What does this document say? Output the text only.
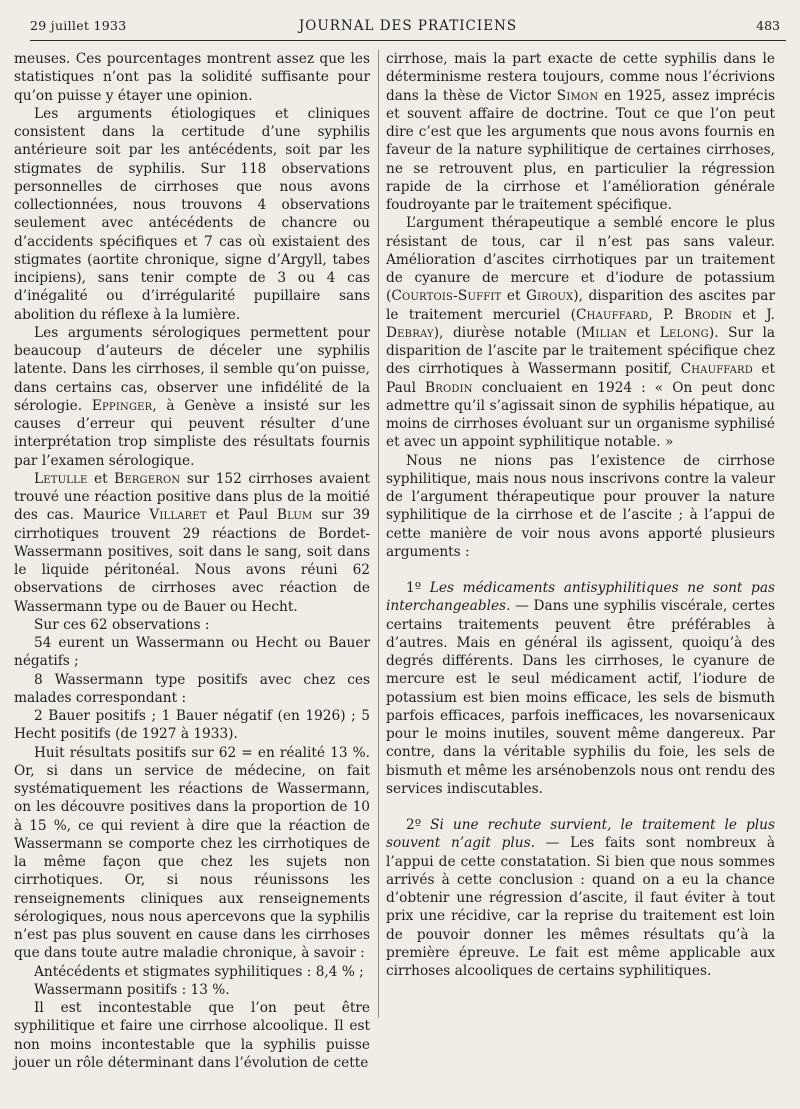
29 juillet 1933	JOURNAL DES PRATICIENS	483

meuses. Ces pourcentages montrent assez que les statistiques n’ont pas la solidité suffisante pour qu’on puisse y étayer une opinion.

Les arguments étiologiques et cliniques consistent dans la certitude d’une syphilis antérieure soit par les antécédents, soit par les stigmates de syphilis. Sur 118 observations personnelles de cirrhoses que nous avons collectionnées, nous trouvons 4 observations seulement avec antécédents de chancre ou d’accidents spécifiques et 7 cas où existaient des stigmates (aortite chronique, signe d’Argyll, tabes incipiens), sans tenir compte de 3 ou 4 cas d’inégalité ou d’irrégularité pupillaire sans abolition du réflexe à la lumière.

Les arguments sérologiques permettent pour beaucoup d’auteurs de déceler une syphilis latente. Dans les cirrhoses, il semble qu’on puisse, dans certains cas, observer une infidélité de la sérologie. Eppinger, à Genève a insisté sur les causes d’erreur qui peuvent résulter d’une interprétation trop simpliste des résultats fournis par l’examen sérologique.

Letulle et Bergeron sur 152 cirrhoses avaient trouvé une réaction positive dans plus de la moitié des cas. Maurice Villaret et Paul Blum sur 39 cirrhotiques trouvent 29 réactions de Bordet-Wassermann positives, soit dans le sang, soit dans le liquide péritonéal. Nous avons réuni 62 observations de cirrhoses avec réaction de Wassermann type ou de Bauer ou Hecht.

Sur ces 62 observations :

54 eurent un Wassermann ou Hecht ou Bauer négatifs ;

8 Wassermann type positifs avec chez ces malades correspondant :

2 Bauer positifs ; 1 Bauer négatif (en 1926) ; 5 Hecht positifs (de 1927 à 1933).

Huit résultats positifs sur 62 = en réalité 13 %. Or, si dans un service de médecine, on fait systématiquement les réactions de Wassermann, on les découvre positives dans la proportion de 10 à 15 %, ce qui revient à dire que la réaction de Wassermann se comporte chez les cirrhotiques de la même façon que chez les sujets non cirrhotiques. Or, si nous réunissons les renseignements cliniques aux renseignements sérologiques, nous nous apercevons que la syphilis n’est pas plus souvent en cause dans les cirrhoses que dans toute autre maladie chronique, à savoir :

Antécédents et stigmates syphilitiques : 8,4 % ;

Wassermann positifs : 13 %.

Il est incontestable que l’on peut être syphilitique et faire une cirrhose alcoolique. Il est non moins incontestable que la syphilis puisse jouer un rôle déterminant dans l’évolution de cette

cirrhose, mais la part exacte de cette syphilis dans le déterminisme restera toujours, comme nous l’écrivions dans la thèse de Victor Simon en 1925, assez imprécis et souvent affaire de doctrine. Tout ce que l’on peut dire c’est que les arguments que nous avons fournis en faveur de la nature syphilitique de certaines cirrhoses, ne se retrouvent plus, en particulier la régression rapide de la cirrhose et l’amélioration générale foudroyante par le traitement spécifique.

L’argument thérapeutique a semblé encore le plus résistant de tous, car il n’est pas sans valeur. Amélioration d’ascites cirrhotiques par un traitement de cyanure de mercure et d’iodure de potassium (Courtois-Suffit et Giroux), disparition des ascites par le traitement mercuriel (Chauffard, P. Brodin et J. Debray), diurèse notable (Milian et Lelong). Sur la disparition de l’ascite par le traitement spécifique chez des cirrhotiques à Wassermann positif, Chauffard et Paul Brodin concluaient en 1924 : « On peut donc admettre qu’il s’agissait sinon de syphilis hépatique, au moins de cirrhoses évoluant sur un organisme syphilisé et avec un appoint syphilitique notable. »

Nous ne nions pas l’existence de cirrhose syphilitique, mais nous nous inscrivons contre la valeur de l’argument thérapeutique pour prouver la nature syphilitique de la cirrhose et de l’ascite ; à l’appui de cette manière de voir nous avons apporté plusieurs arguments :

1º Les médicaments antisyphilitiques ne sont pas interchangeables. — Dans une syphilis viscérale, certes certains traitements peuvent être préférables à d’autres. Mais en général ils agissent, quoiqu’à des degrés différents. Dans les cirrhoses, le cyanure de mercure est le seul médicament actif, l’iodure de potassium est bien moins efficace, les sels de bismuth parfois efficaces, parfois inefficaces, les novarsenicaux pour le moins inutiles, souvent même dangereux. Par contre, dans la véritable syphilis du foie, les sels de bismuth et même les arsénobenzols nous ont rendu des services indiscutables.

2º Si une rechute survient, le traitement le plus souvent n’agit plus. — Les faits sont nombreux à l’appui de cette constatation. Si bien que nous sommes arrivés à cette conclusion : quand on a eu la chance d’obtenir une régression d’ascite, il faut éviter à tout prix une récidive, car la reprise du traitement est loin de pouvoir donner les mêmes résultats qu’à la première épreuve. Le fait est même applicable aux cirrhoses alcooliques de certains syphilitiques.
